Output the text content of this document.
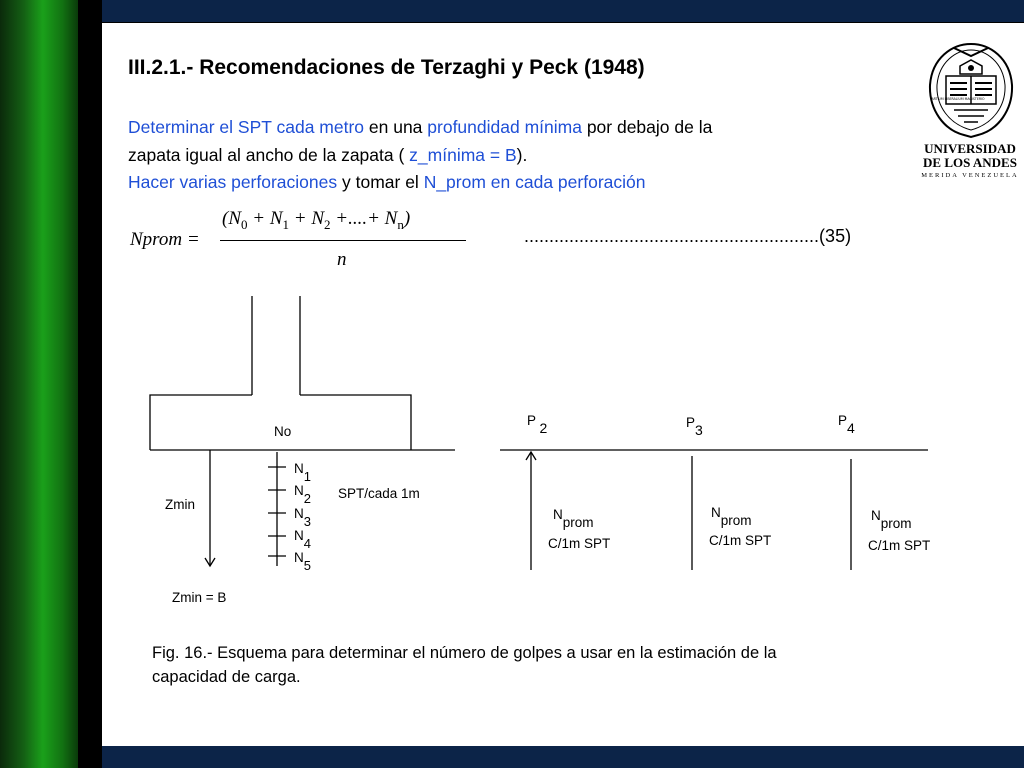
III.2.1.- Recomendaciones de Terzaghi y Peck (1948)
Determinar el SPT cada metro en una profundidad mínima por debajo de la
zapata igual al ancho de la zapata ( z_mínima = B).
Hacer varias perforaciones y tomar el N_prom en cada perforación
Nprom =
($N_0 + N_1 + N_2$ +....+ $N_n$)
n
...........................................................(35)
No
Zmin
Zmin = B
SPT/cada 1m
$N_1$
$N_2$
$N_3$
$N_4$
$N_5$
P $_2$	$P_3$
$P_4$
$N_{prom}$
C/1m SPT
$N_{prom}$
C/1m SPT
$N_{prom}$
C/1m SPT
Fig. 16.- Esquema para determinar el número de golpes a usar en la estimación de la
capacidad de carga.
ARTIUM LIBERALIUM MAGISTERIO
UNIVERSIDAD
DE LOS ANDES
MERIDA VENEZUELA
